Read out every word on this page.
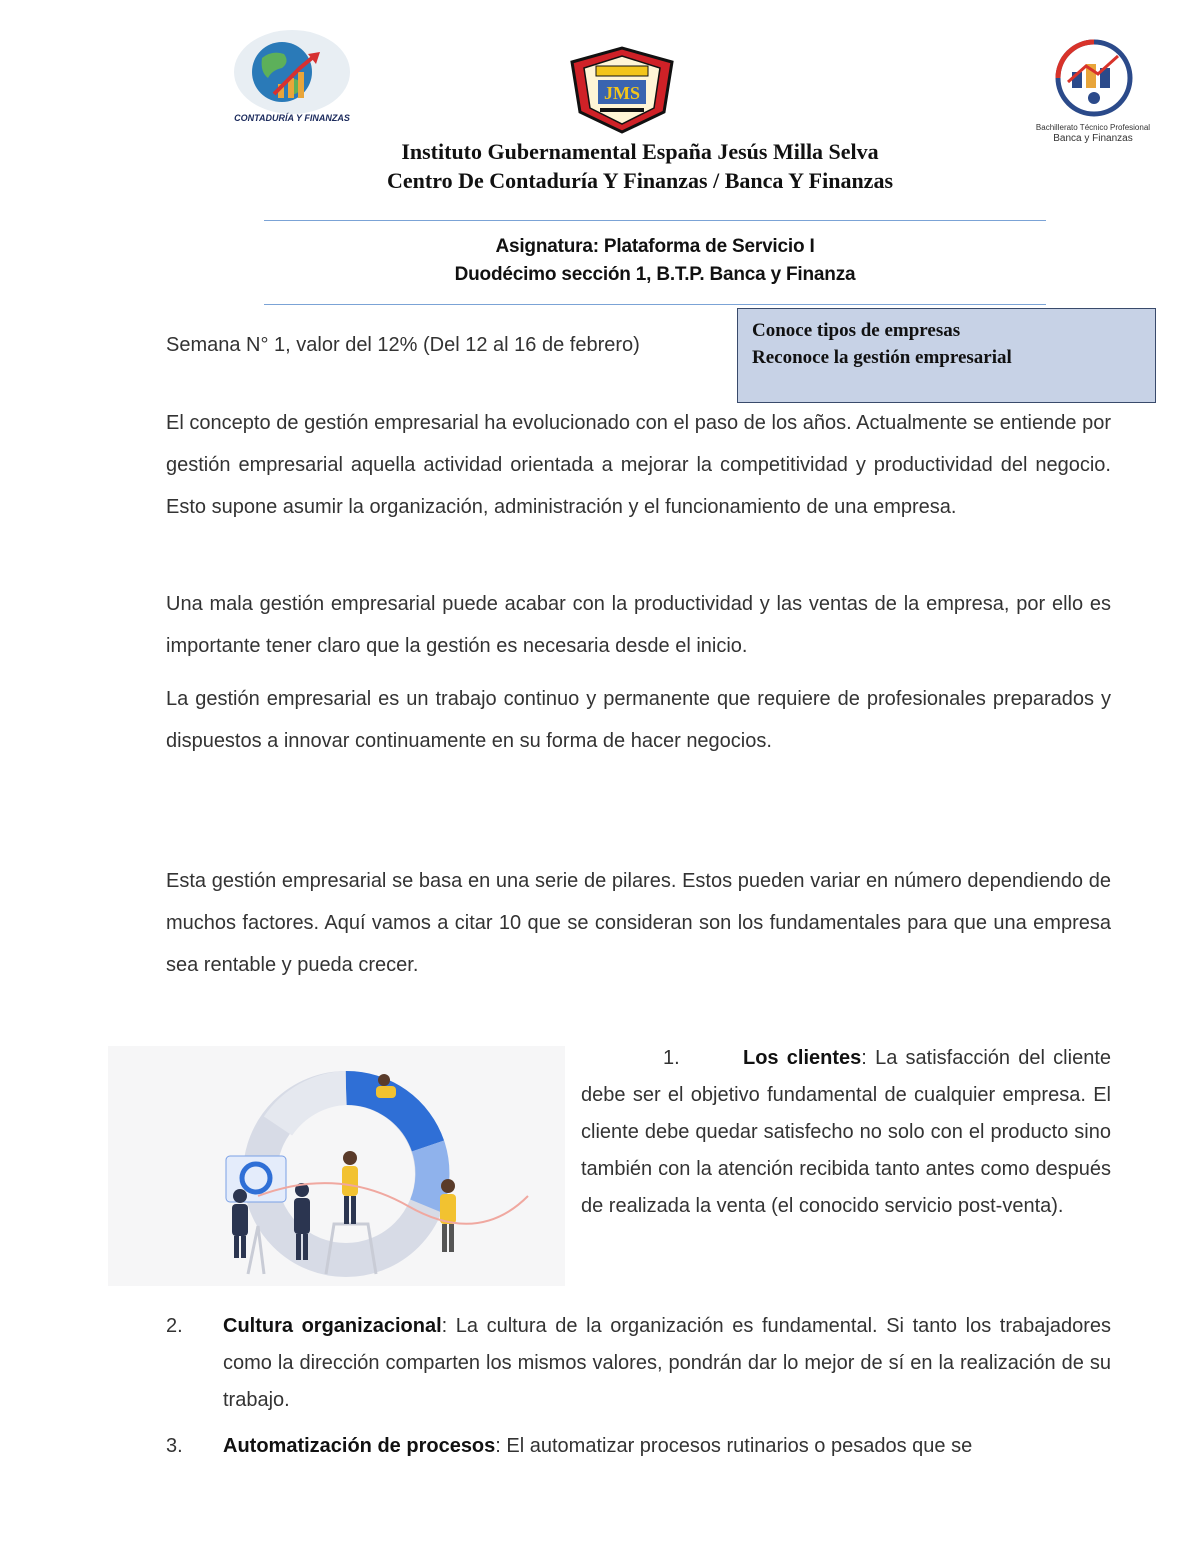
CONTADURÍA Y FINANZAS
JMS
Bachillerato Técnico Profesional
Banca y Finanzas
Instituto Gubernamental España Jesús Milla Selva
Centro De Contaduría Y Finanzas / Banca Y Finanzas
Asignatura: Plataforma de Servicio I
Duodécimo sección 1, B.T.P. Banca y Finanza
Conoce tipos de empresas
Reconoce la gestión empresarial
Semana N° 1, valor del 12% (Del 12 al 16 de febrero)
El concepto de gestión empresarial ha evolucionado con el paso de los años. Actualmente se entiende por gestión empresarial aquella actividad orientada a mejorar la competitividad y productividad del negocio. Esto supone asumir la organización, administración y el funcionamiento de una empresa.
Una mala gestión empresarial puede acabar con la productividad y las ventas de la empresa, por ello es importante tener claro que la gestión es necesaria desde el inicio.
La gestión empresarial es un trabajo continuo y permanente que requiere de profesionales preparados y dispuestos a innovar continuamente en su forma de hacer negocios.
Esta gestión empresarial se basa en una serie de pilares. Estos pueden variar en número dependiendo de muchos factores. Aquí vamos a citar 10 que se consideran son los fundamentales para que una empresa sea rentable y pueda crecer.
1.	Los clientes: La satisfacción del cliente debe ser el objetivo fundamental de cualquier empresa. El cliente debe quedar satisfecho no solo con el producto sino también con la atención recibida tanto antes como después de realizada la venta (el conocido servicio post-venta).
2. Cultura organizacional: La cultura de la organización es fundamental. Si tanto los trabajadores como la dirección comparten los mismos valores, pondrán dar lo mejor de sí en la realización de su trabajo.
3. Automatización de procesos: El automatizar procesos rutinarios o pesados que se
